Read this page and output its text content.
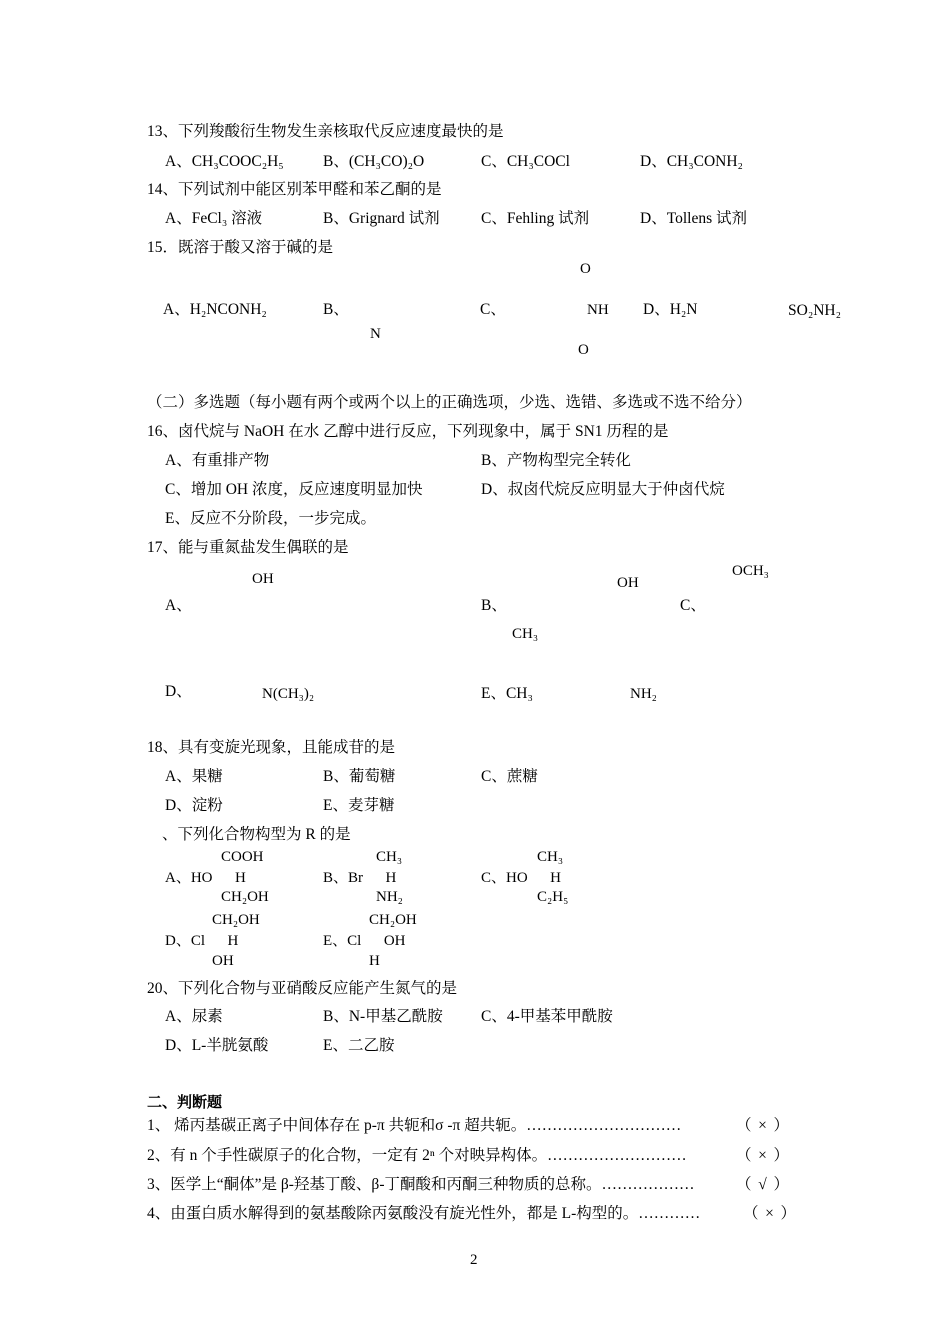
13、下列羧酸衍生物发生亲核取代反应速度最快的是
A、CH₃COOC₂H₅	B、(CH₃CO)₂O	C、CH₃COCl	D、CH₃CONH₂
14、下列试剂中能区别苯甲醛和苯乙酮的是
A、FeCl₃ 溶液	B、Grignard 试剂	C、Fehling 试剂	D、Tollens 试剂
15．既溶于酸又溶于碱的是
O
A、H₂NCONH₂	B、	C、	NH D、H₂N	SO₂NH₂
N
O
（二）多选题（每小题有两个或两个以上的正确选项，少选、选错、多选或不选不给分）
16、卤代烷与 NaOH 在水 乙醇中进行反应，下列现象中，属于 SN1 历程的是
A、有重排产物	B、产物构型完全转化
C、增加 OH 浓度，反应速度明显加快	D、叔卤代烷反应明显大于仲卤代烷
E、反应不分阶段，一步完成。
17、能与重氮盐发生偶联的是
OCH₃
OH	OH
A、	B、	C、
CH₃
D、	N(CH₃)₂	E、CH₃	NH₂
18、具有变旋光现象，且能成苷的是
A、果糖	B、葡萄糖	C、蔗糖
D、淀粉	E、麦芽糖
、下列化合物构型为 R 的是
COOH	CH₃	CH₃
A、HO      H	B、Br      H	C、HO      H
CH₂OH	NH₂	C₂H₅
CH₂OH	CH₂OH
D、Cl      H	E、Cl      OH
OH	H
20、下列化合物与亚硝酸反应能产生氮气的是
A、尿素	B、N-甲基乙酰胺 C、4-甲基苯甲酰胺
D、L-半胱氨酸	E、二乙胺
二、判断题
1、 烯丙基碳正离子中间体存在 p-π 共轭和σ -π 超共轭。…………………………	（ × ）
2、有 n 个手性碳原子的化合物，一定有 2ⁿ 个对映异构体。………………………	（ × ）
3、医学上“酮体”是 β-羟基丁酸、β-丁酮酸和丙酮三种物质的总称。………………	（ √ ）
4、由蛋白质水解得到的氨基酸除丙氨酸没有旋光性外，都是 L-构型的。…………	（ × ）
2
